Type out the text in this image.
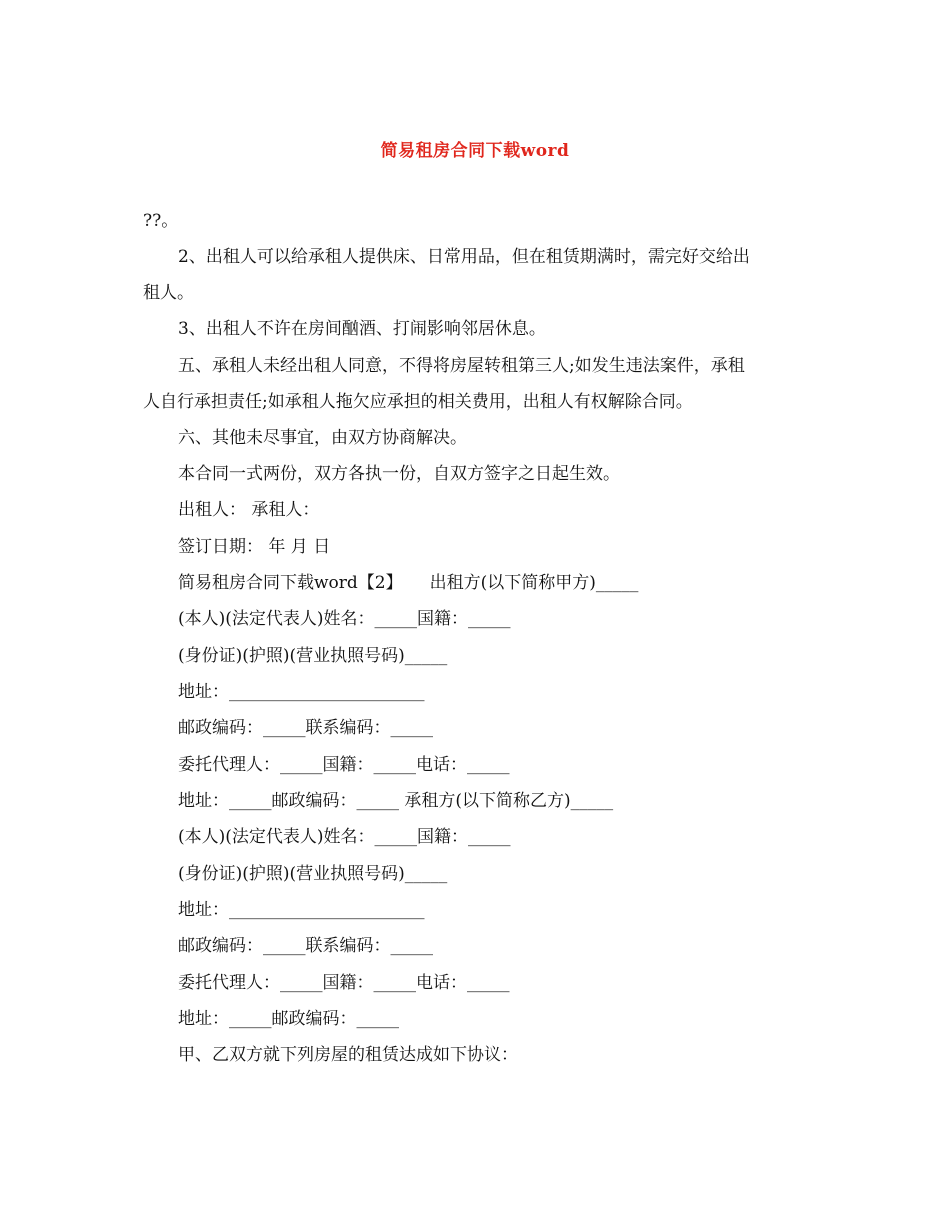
简易租房合同下载word
??。
2、出租人可以给承租人提供床、日常用品，但在租赁期满时，需完好交给出
租人。
3、出租人不许在房间酗酒、打闹影响邻居休息。
五、承租人未经出租人同意，不得将房屋转租第三人;如发生违法案件，承租
人自行承担责任;如承租人拖欠应承担的相关费用，出租人有权解除合同。
六、其他未尽事宜，由双方协商解决。
本合同一式两份，双方各执一份，自双方签字之日起生效。
出租人： 承租人：
签订日期： 年 月 日
简易租房合同下载word【2】     出租方(以下简称甲方)_____
(本人)(法定代表人)姓名：_____国籍：_____
(身份证)(护照)(营业执照号码)_____
地址：_______________________
邮政编码：_____联系编码：_____
委托代理人：_____国籍：_____电话：_____
地址：_____邮政编码：_____ 承租方(以下简称乙方)_____
(本人)(法定代表人)姓名：_____国籍：_____
(身份证)(护照)(营业执照号码)_____
地址：_______________________
邮政编码：_____联系编码：_____
委托代理人：_____国籍：_____电话：_____
地址：_____邮政编码：_____
甲、乙双方就下列房屋的租赁达成如下协议：
